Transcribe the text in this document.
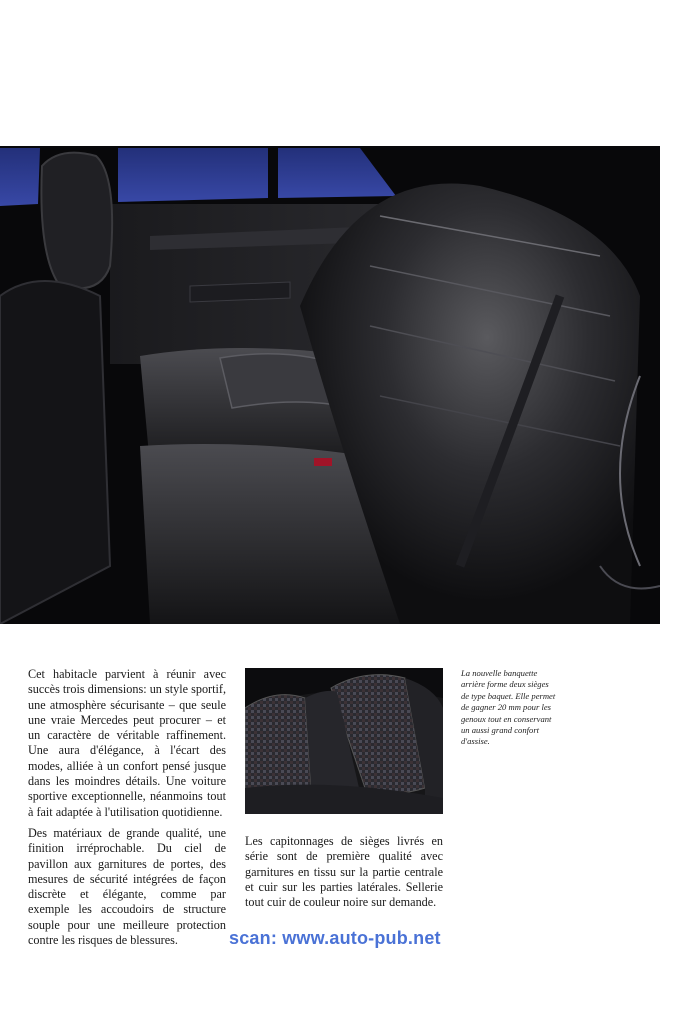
Cet habitacle parvient à réunir avec succès trois dimensions: un style sportif, une atmosphère sécurisante – que seule une vraie Mercedes peut procurer – et un caractère de véritable raffinement. Une aura d'élégance, à l'écart des modes, alliée à un confort pensé jusque dans les moindres détails. Une voiture sportive exceptionnelle, néanmoins tout à fait adaptée à l'utilisation quotidienne.

Des matériaux de grande qualité, une finition irréprochable. Du ciel de pavillon aux garnitures de portes, des mesures de sécurité intégrées de façon discrète et élégante, comme par exemple les accoudoirs de structure souple pour une meilleure protection contre les risques de blessures.

Les capitonnages de sièges livrés en série sont de première qualité avec garnitures en tissu sur la partie centrale et cuir sur les parties latérales. Sellerie tout cuir de couleur noire sur demande.

La nouvelle banquette arrière forme deux sièges de type baquet. Elle permet de gagner 20 mm pour les genoux tout en conservant un aussi grand confort d'assise.
scan: www.auto-pub.net
